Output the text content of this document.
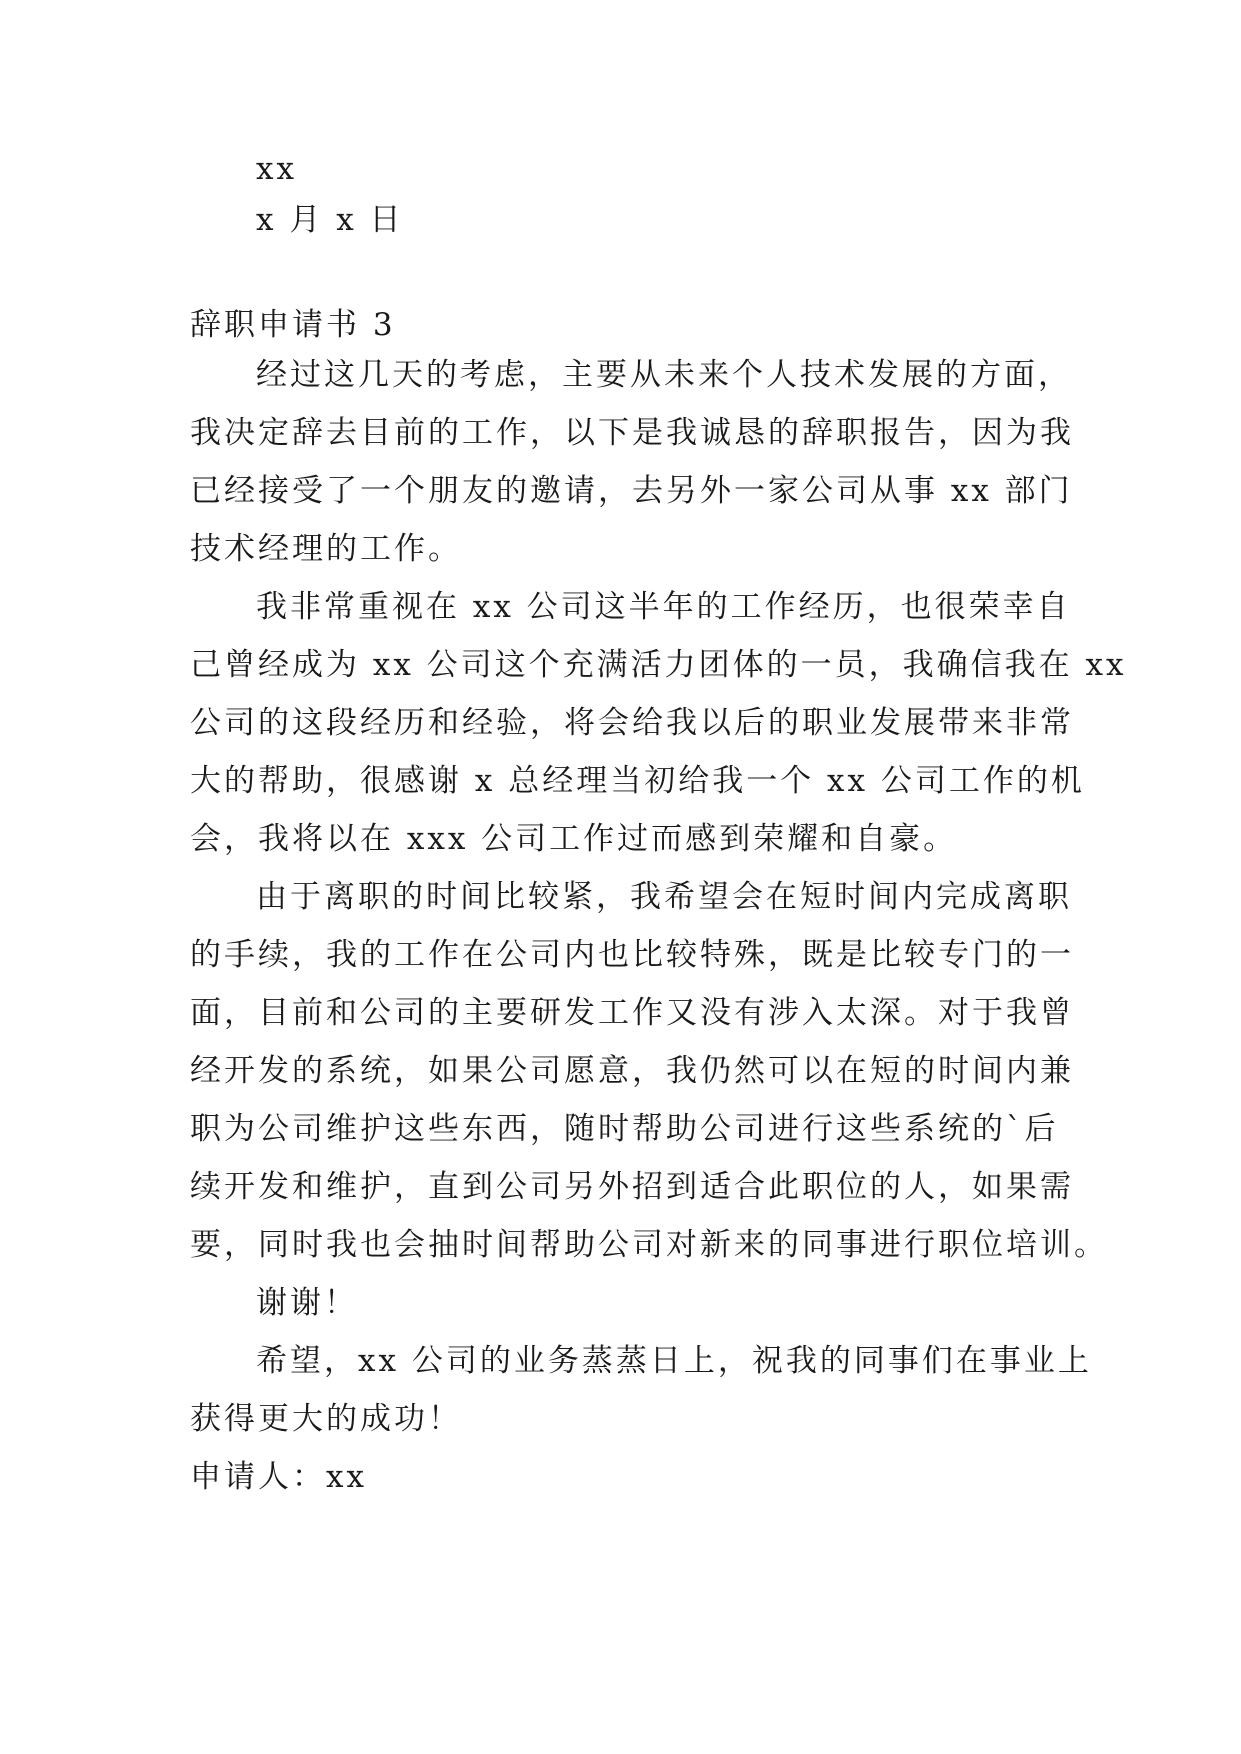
xx
x 月 x 日
辞职申请书 3
经过这几天的考虑，主要从未来个人技术发展的方面，
我决定辞去目前的工作，以下是我诚恳的辞职报告，因为我
已经接受了一个朋友的邀请，去另外一家公司从事 xx 部门
技术经理的工作。
我非常重视在 xx 公司这半年的工作经历，也很荣幸自
己曾经成为 xx 公司这个充满活力团体的一员，我确信我在 xx
公司的这段经历和经验，将会给我以后的职业发展带来非常
大的帮助，很感谢 x 总经理当初给我一个 xx 公司工作的机
会，我将以在 xxx 公司工作过而感到荣耀和自豪。
由于离职的时间比较紧，我希望会在短时间内完成离职
的手续，我的工作在公司内也比较特殊，既是比较专门的一
面，目前和公司的主要研发工作又没有涉入太深。对于我曾
经开发的系统，如果公司愿意，我仍然可以在短的时间内兼
职为公司维护这些东西，随时帮助公司进行这些系统的`后
续开发和维护，直到公司另外招到适合此职位的人，如果需
要，同时我也会抽时间帮助公司对新来的同事进行职位培训。
谢谢！
希望，xx 公司的业务蒸蒸日上，祝我的同事们在事业上
获得更大的成功！
申请人：xx
